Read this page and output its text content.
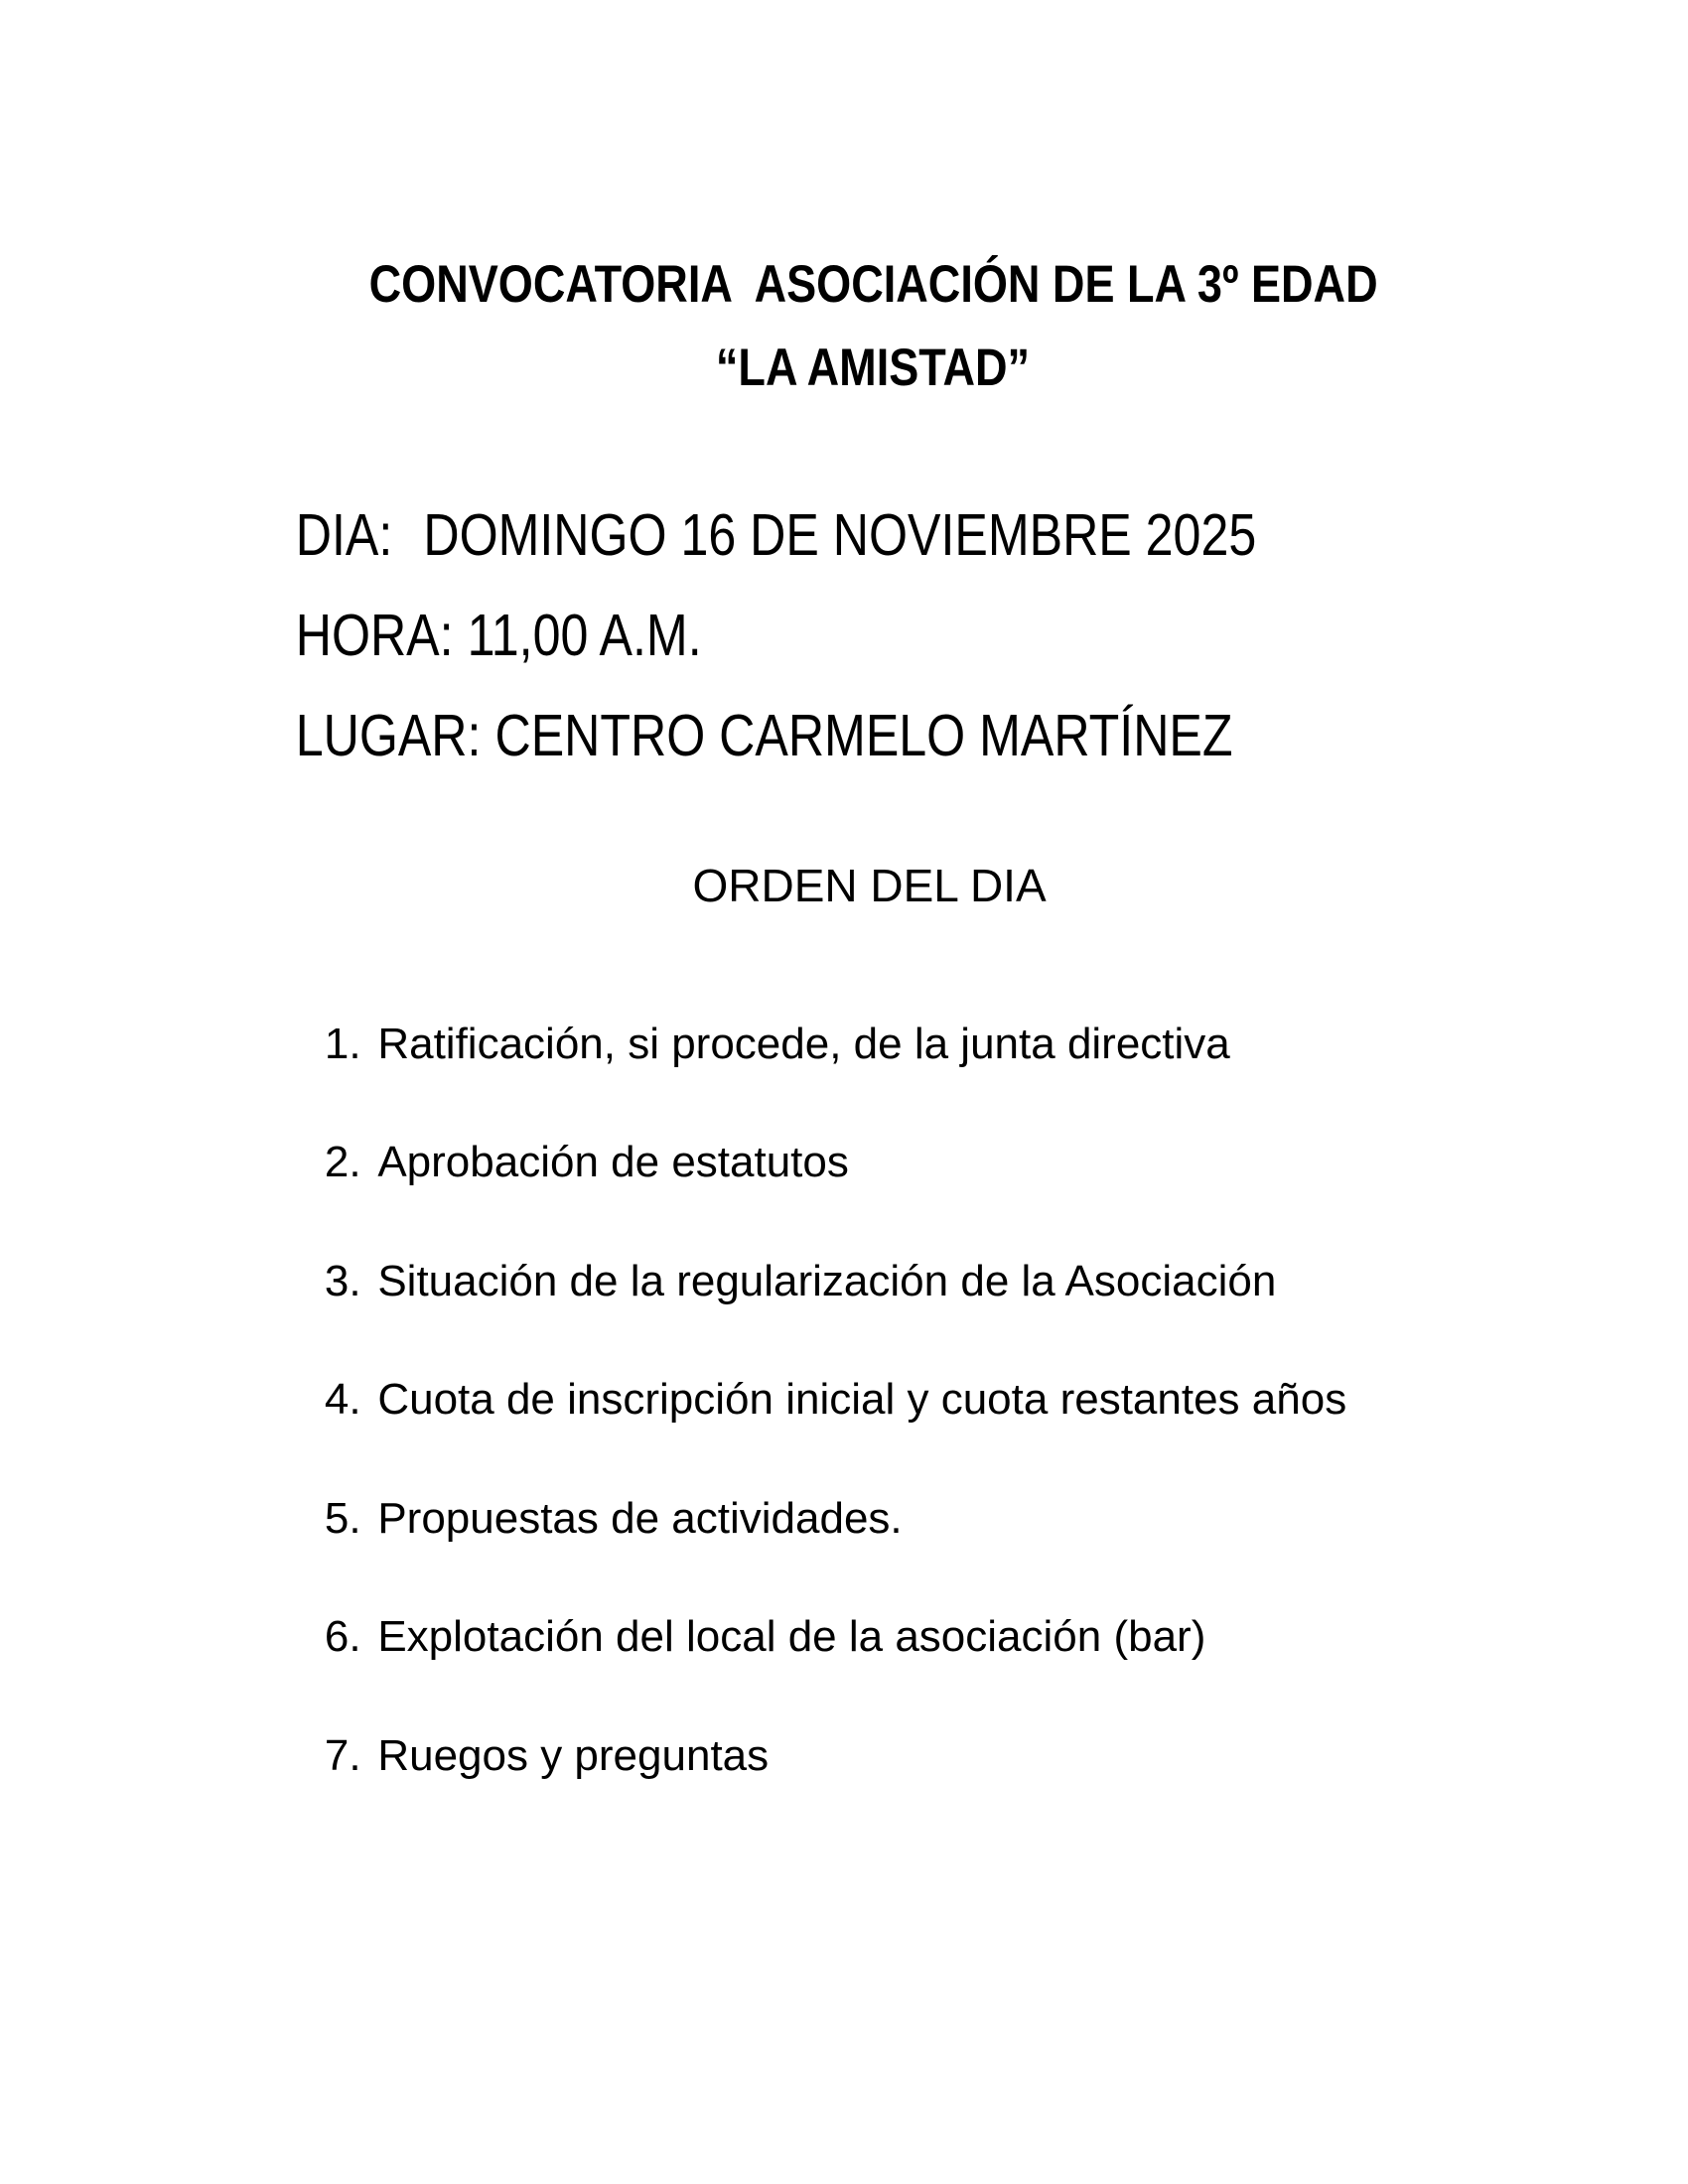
CONVOCATORIA  ASOCIACIÓN DE LA 3º EDAD

“LA AMISTAD”

DIA: DOMINGO 16 DE NOVIEMBRE 2025

HORA: 11,00 A.M.

LUGAR: CENTRO CARMELO MARTÍNEZ

ORDEN DEL DIA

1. Ratificación, si procede, de la junta directiva

2. Aprobación de estatutos

3. Situación de la regularización de la Asociación

4. Cuota de inscripción inicial y cuota restantes años

5. Propuestas de actividades.

6. Explotación del local de la asociación (bar)

7. Ruegos y preguntas
